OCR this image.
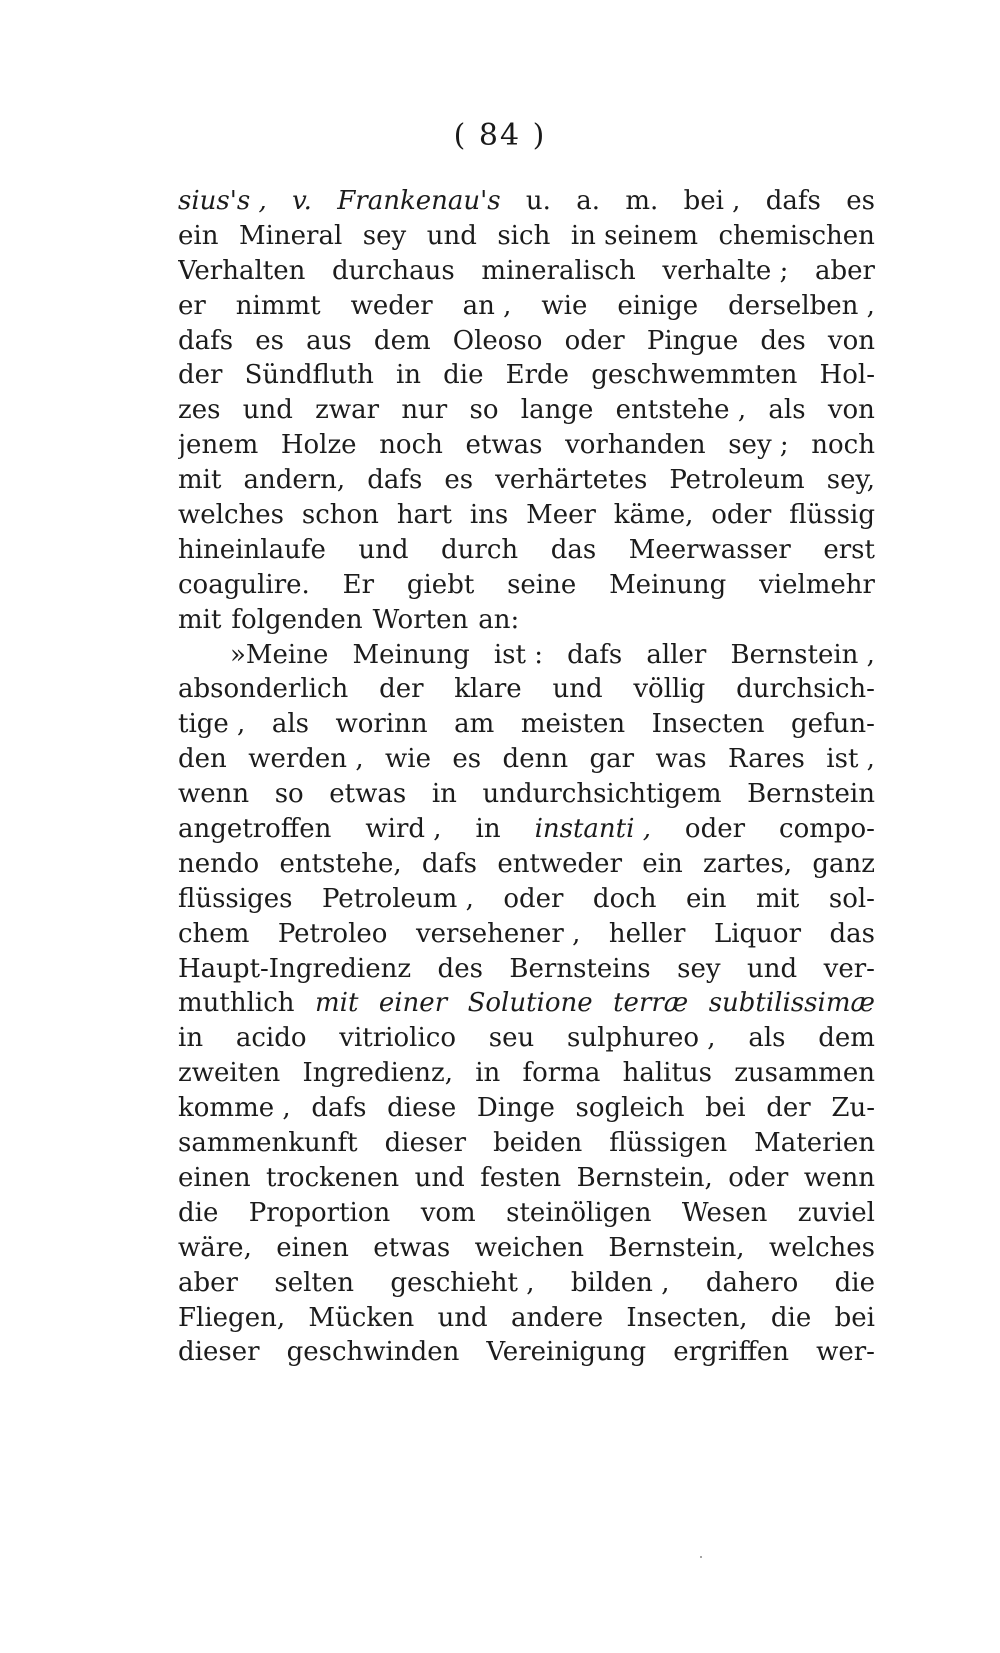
( 84 )
sius's , v. Frankenau's u. a. m. bei , dafs es
ein Mineral sey und sich in seinem chemischen
Verhalten durchaus mineralisch verhalte ; aber
er nimmt weder an , wie einige derselben ,
dafs es aus dem Oleoso oder Pingue des von
der Sündfluth in die Erde geschwemmten Hol-
zes und zwar nur so lange entstehe , als von
jenem Holze noch etwas vorhanden sey ; noch
mit andern, dafs es verhärtetes Petroleum sey,
welches schon hart ins Meer käme, oder flüssig
hineinlaufe und durch das Meerwasser erst
coagulire. Er giebt seine Meinung vielmehr
mit folgenden Worten an:
»Meine Meinung ist : dafs aller Bernstein ,
absonderlich der klare und völlig durchsich-
tige , als worinn am meisten Insecten gefun-
den werden , wie es denn gar was Rares ist ,
wenn so etwas in undurchsichtigem Bernstein
angetroffen wird , in instanti , oder compo-
nendo entstehe, dafs entweder ein zartes, ganz
flüssiges Petroleum , oder doch ein mit sol-
chem Petroleo versehener , heller Liquor das
Haupt-Ingredienz des Bernsteins sey und ver-
muthlich mit einer Solutione terræ subtilissimæ
in acido vitriolico seu sulphureo , als dem
zweiten Ingredienz, in forma halitus zusammen
komme , dafs diese Dinge sogleich bei der Zu-
sammenkunft dieser beiden flüssigen Materien
einen trockenen und festen Bernstein, oder wenn
die Proportion vom steinöligen Wesen zuviel
wäre, einen etwas weichen Bernstein, welches
aber selten geschieht , bilden , dahero die
Fliegen, Mücken und andere Insecten, die bei
dieser geschwinden Vereinigung ergriffen wer-
